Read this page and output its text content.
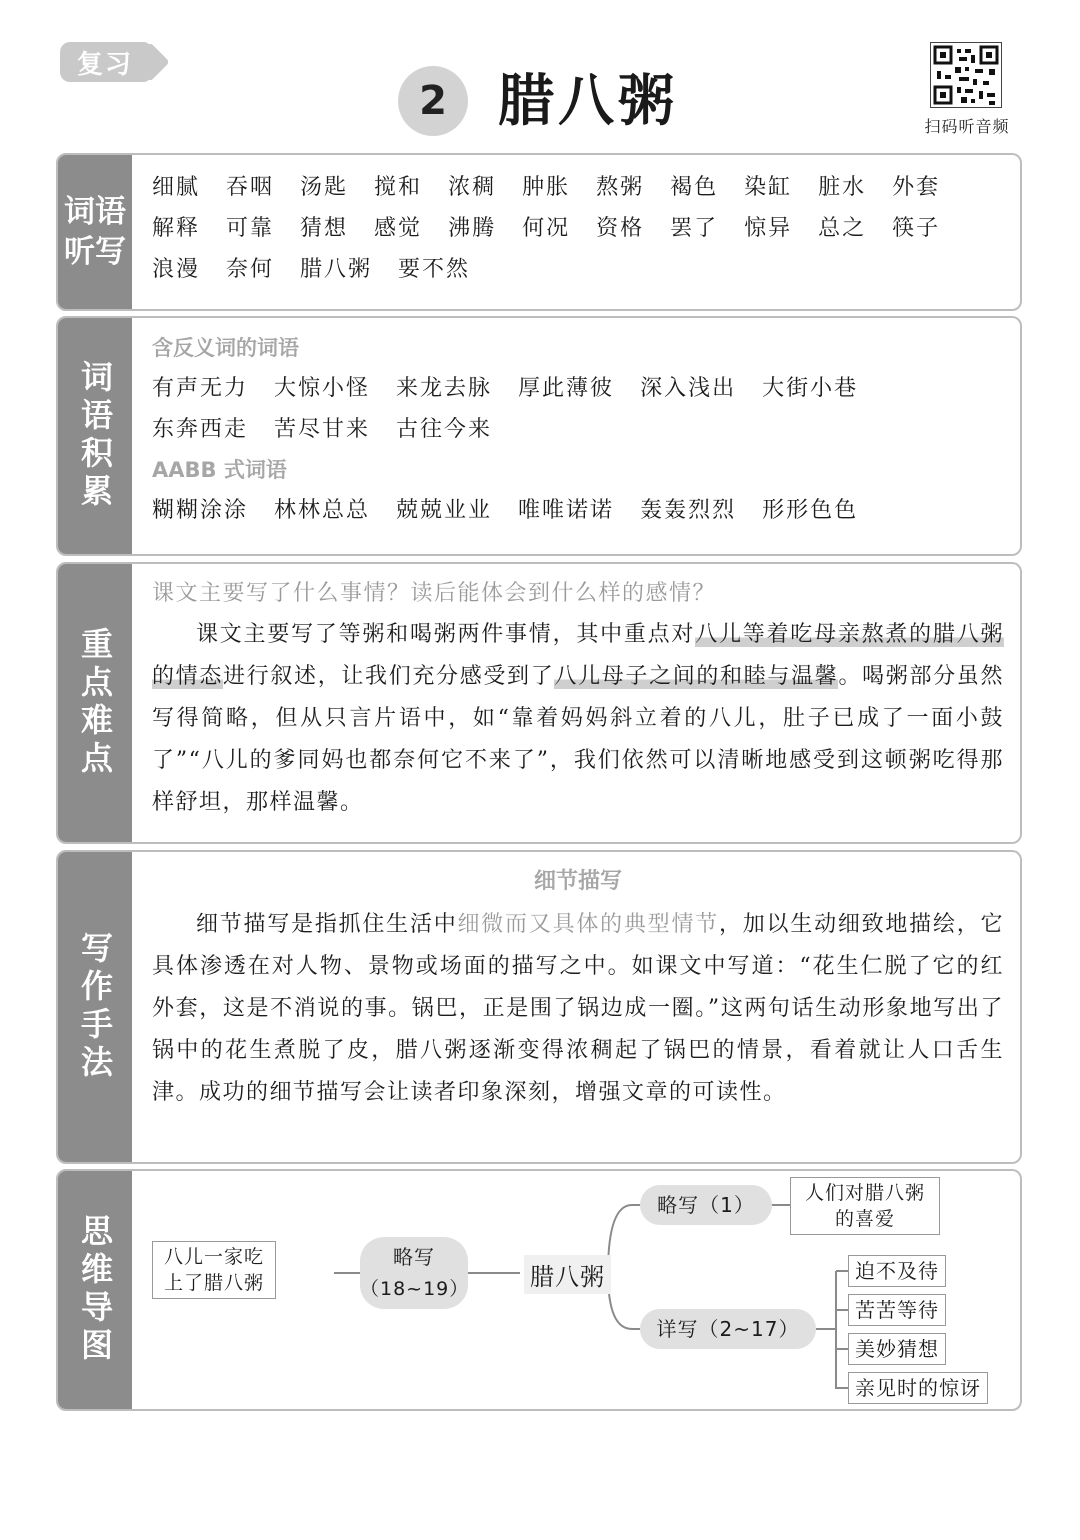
复习
2 腊八粥	扫码听音频
词语听写
细腻 吞咽 汤匙 搅和 浓稠 肿胀 熬粥 褐色 染缸 脏水 外套
解释 可靠 猜想 感觉 沸腾 何况 资格 罢了 惊异 总之 筷子
浪漫 奈何 腊八粥 要不然
词语积累
含反义词的词语
有声无力 大惊小怪 来龙去脉 厚此薄彼 深入浅出 大街小巷
东奔西走 苦尽甘来 古往今来
AABB 式词语
糊糊涂涂 林林总总 兢兢业业 唯唯诺诺 轰轰烈烈 形形色色
重点难点
课文主要写了什么事情？读后能体会到什么样的感情？
课文主要写了等粥和喝粥两件事情，其中重点对八儿等着吃母亲熬煮的腊八粥的情态进行叙述，让我们充分感受到了八儿母子之间的和睦与温馨。喝粥部分虽然写得简略，但从只言片语中，如“靠着妈妈斜立着的八儿，肚子已成了一面小鼓了”“八儿的爹同妈也都奈何它不来了”，我们依然可以清晰地感受到这顿粥吃得那样舒坦，那样温馨。
写作手法
细节描写
细节描写是指抓住生活中细微而又具体的典型情节，加以生动细致地描绘，它具体渗透在对人物、景物或场面的描写之中。如课文中写道：“花生仁脱了它的红外套，这是不消说的事。锅巴，正是围了锅边成一圈。”这两句话生动形象地写出了锅中的花生煮脱了皮，腊八粥逐渐变得浓稠起了锅巴的情景，看着就让人口舌生津。成功的细节描写会让读者印象深刻，增强文章的可读性。
思维导图	八儿一家吃上了腊八粥
略写
（18~19）	腊八粥
略写（1）	人们对腊八粥的喜爱
详写（2~17）
迫不及待
苦苦等待
美妙猜想
亲见时的惊讶
